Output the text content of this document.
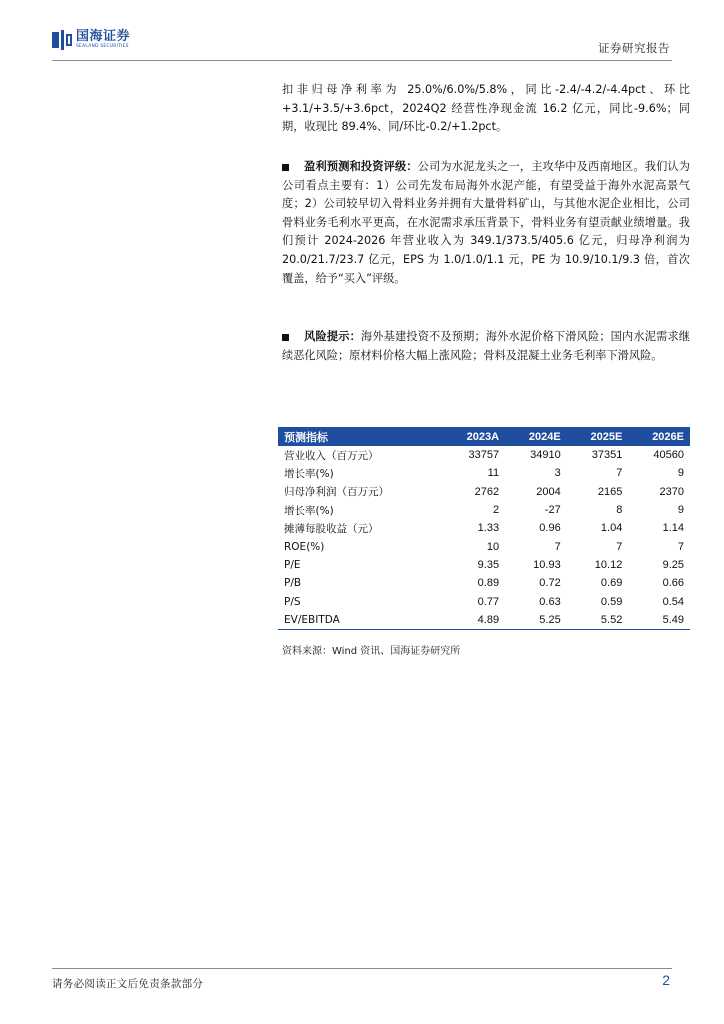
国海证券
SEALAND SECURITIES	证券研究报告

扣非归母净利率为 25.0%/6.0%/5.8%，同比-2.4/-4.2/-4.4pct、环比+3.1/+3.5/+3.6pct，2024Q2 经营性净现金流 16.2 亿元，同比-9.6%；同期，收现比 89.4%、同/环比-0.2/+1.2pct。

盈利预测和投资评级：公司为水泥龙头之一，主攻华中及西南地区。我们认为公司看点主要有：1）公司先发布局海外水泥产能，有望受益于海外水泥高景气度；2）公司较早切入骨料业务并拥有大量骨料矿山，与其他水泥企业相比，公司骨料业务毛利水平更高，在水泥需求承压背景下，骨料业务有望贡献业绩增量。我们预计 2024-2026 年营业收入为 349.1/373.5/405.6 亿元，归母净利润为 20.0/21.7/23.7 亿元，EPS 为 1.0/1.0/1.1 元，PE 为 10.9/10.1/9.3 倍，首次覆盖，给予“买入”评级。

风险提示：海外基建投资不及预期；海外水泥价格下滑风险；国内水泥需求继续恶化风险；原材料价格大幅上涨风险；骨料及混凝土业务毛利率下滑风险。

预测指标	2023A	2024E	2025E	2026E
营业收入（百万元）	33757	34910	37351	40560
增长率(%)	11	3	7	9
归母净利润（百万元）	2762	2004	2165	2370
增长率(%)	2	-27	8	9
摊薄每股收益（元）	1.33	0.96	1.04	1.14
ROE(%)	10	7	7	7
P/E	9.35	10.93	10.12	9.25
P/B	0.89	0.72	0.69	0.66
P/S	0.77	0.63	0.59	0.54
EV/EBITDA	4.89	5.25	5.52	5.49
资料来源：Wind 资讯、国海证券研究所
请务必阅读正文后免责条款部分	2
